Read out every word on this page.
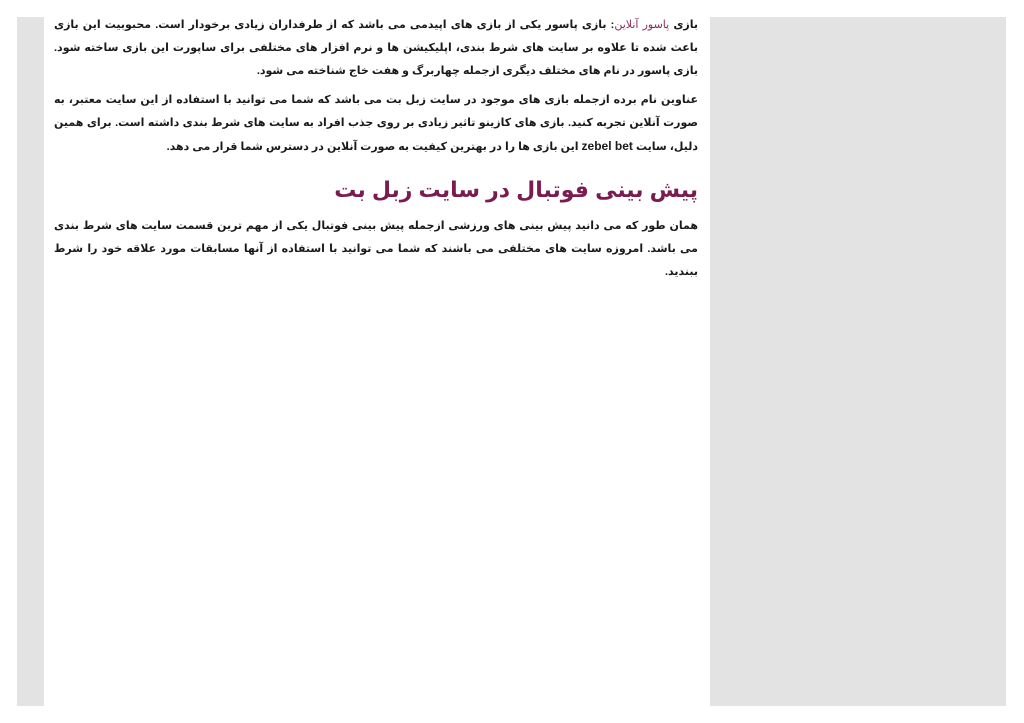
بازی پاسور آنلاین: بازی پاسور یکی از بازی های اپیدمی می باشد که از طرفداران زیادی برخودار است. محبوبیت این بازی باعث شده تا علاوه بر سایت های شرط بندی، اپلیکیشن ها و نرم افزار های مختلفی برای ساپورت این بازی ساخته شود. بازی پاسور در نام های مختلف دیگری ازجمله چهاربرگ و هفت خاج شناخته می شود.

عناوین نام برده ازجمله بازی های موجود در سایت زبل بت می باشد که شما می توانید با استفاده از این سایت معتبر، به صورت آنلاین تجربه کنید. بازی های کازینو تاثیر زیادی بر روی جذب افراد به سایت های شرط بندی داشته است. برای همین دلیل، سایت zebel bet این بازی ها را در بهترین کیفیت به صورت آنلاین در دسترس شما قرار می دهد.

پیش بینی فوتبال در سایت زبل بت

همان طور که می دانید پیش بینی های ورزشی ازجمله پیش بینی فوتبال یکی از مهم ترین قسمت سایت های شرط بندی می باشد. امروزه سایت های مختلفی می باشند که شما می توانید با استفاده از آنها مسابقات مورد علاقه خود را شرط ببندید.
